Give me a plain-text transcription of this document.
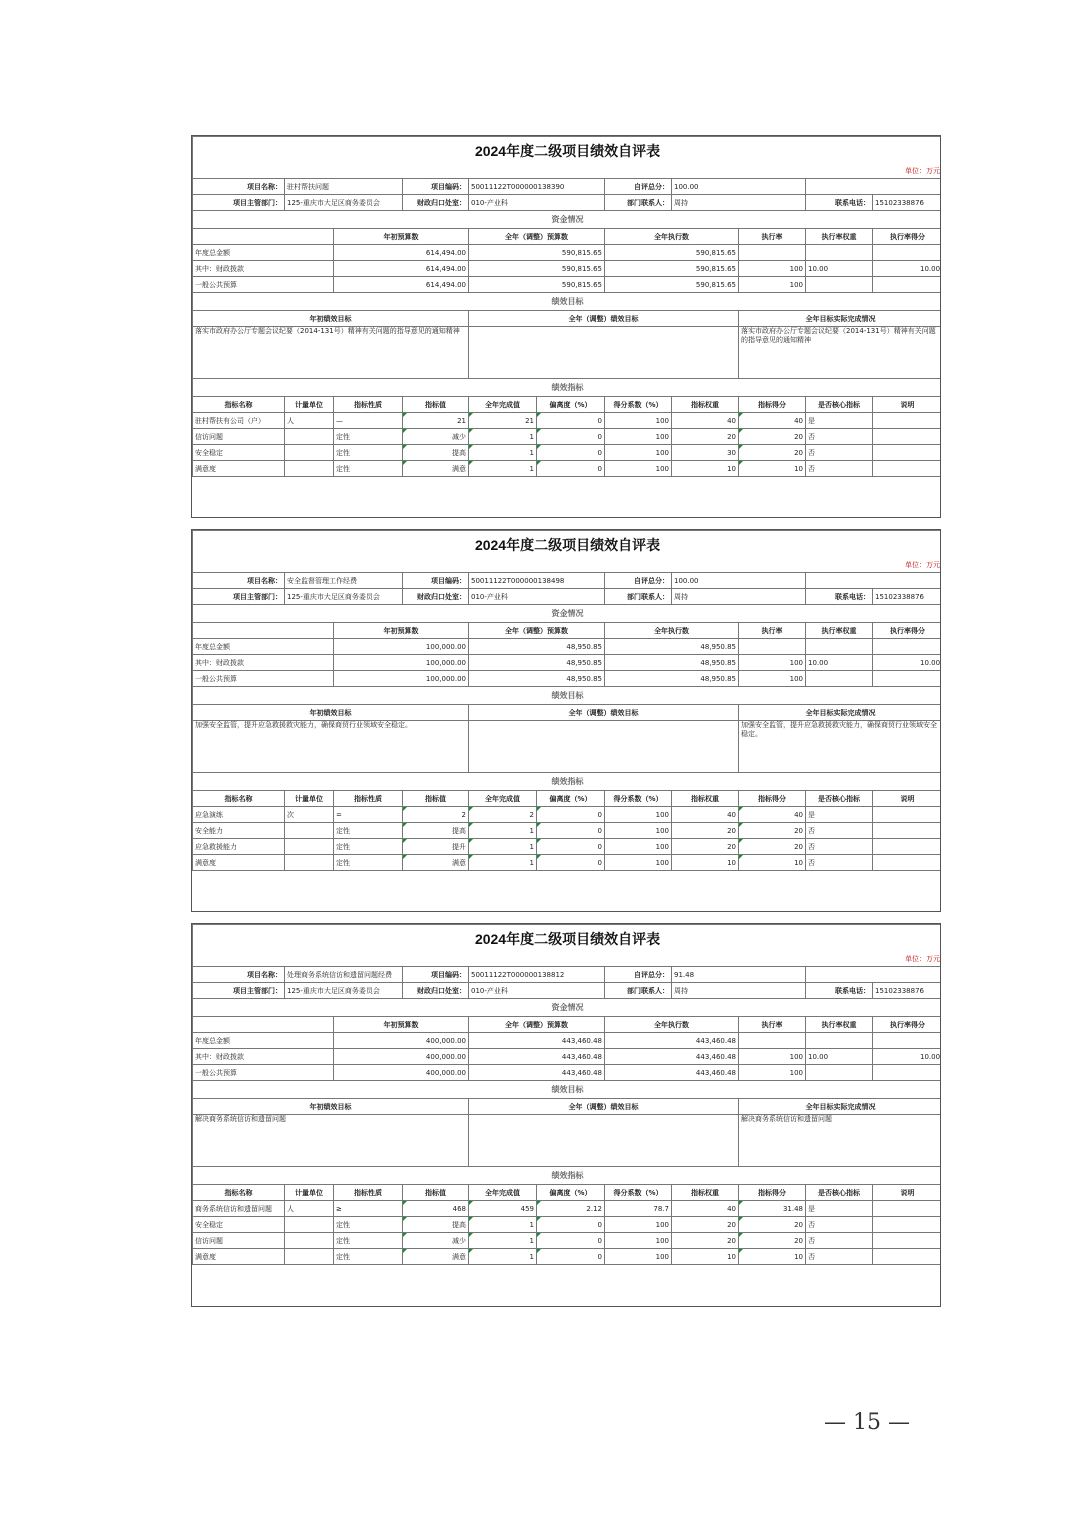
2024年度二级项目绩效自评表										
单位：万元										
项目名称：	驻村帮扶问题		项目编码：	50011122T000000138390		自评总分：	100.00			
项目主管部门：	125-重庆市大足区商务委员会		财政归口处室：	010-产业科		部门联系人：	周持		联系电话：	15102338876
资金情况										
		年初预算数		全年（调整）预算数		全年执行数		执行率	执行率权重	执行率得分
年度总金额		614,494.00		590,815.65		590,815.65				
其中：财政拨款		614,494.00		590,815.65		590,815.65		100	10.00	10.00
一般公共预算		614,494.00		590,815.65		590,815.65		100		
绩效目标										
年初绩效目标				全年（调整）绩效目标				全年目标实际完成情况		
落实市政府办公厅专题会议纪要（2014-131号）精神有关问题的指导意见的通知精神								落实市政府办公厅专题会议纪要（2014-131号）精神有关问题的指导意见的通知精神		
绩效指标										
指标名称	计量单位	指标性质	指标值	全年完成值	偏离度（%）	得分系数（%）	指标权重	指标得分	是否核心指标	说明
驻村帮扶有公司（户）	人	—	21	21	0	100	40	40	是	
信访问题		定性	减少	1	0	100	20	20	否	
安全稳定		定性	提高	1	0	100	30	20	否	
满意度		定性	满意	1	0	100	10	10	否	
2024年度二级项目绩效自评表										
单位：万元										
项目名称：	安全监督管理工作经费		项目编码：	50011122T000000138498		自评总分：	100.00			
项目主管部门：	125-重庆市大足区商务委员会		财政归口处室：	010-产业科		部门联系人：	周持		联系电话：	15102338876
资金情况										
		年初预算数		全年（调整）预算数		全年执行数		执行率	执行率权重	执行率得分
年度总金额		100,000.00		48,950.85		48,950.85				
其中：财政拨款		100,000.00		48,950.85		48,950.85		100	10.00	10.00
一般公共预算		100,000.00		48,950.85		48,950.85		100		
绩效目标										
年初绩效目标				全年（调整）绩效目标				全年目标实际完成情况		
加强安全监管，提升应急救援救灾能力，确保商贸行业领域安全稳定。								加强安全监管，提升应急救援救灾能力，确保商贸行业领域安全稳定。		
绩效指标										
指标名称	计量单位	指标性质	指标值	全年完成值	偏离度（%）	得分系数（%）	指标权重	指标得分	是否核心指标	说明
应急演练	次	=	2	2	0	100	40	40	是	
安全能力		定性	提高	1	0	100	20	20	否	
应急救援能力		定性	提升	1	0	100	20	20	否	
满意度		定性	满意	1	0	100	10	10	否	
2024年度二级项目绩效自评表										
单位：万元										
项目名称：	处理商务系统信访和遗留问题经费		项目编码：	50011122T000000138812		自评总分：	91.48			
项目主管部门：	125-重庆市大足区商务委员会		财政归口处室：	010-产业科		部门联系人：	周持		联系电话：	15102338876
资金情况										
		年初预算数		全年（调整）预算数		全年执行数		执行率	执行率权重	执行率得分
年度总金额		400,000.00		443,460.48		443,460.48				
其中：财政拨款		400,000.00		443,460.48		443,460.48		100	10.00	10.00
一般公共预算		400,000.00		443,460.48		443,460.48		100		
绩效目标										
年初绩效目标				全年（调整）绩效目标				全年目标实际完成情况		
解决商务系统信访和遗留问题								解决商务系统信访和遗留问题		
绩效指标										
指标名称	计量单位	指标性质	指标值	全年完成值	偏离度（%）	得分系数（%）	指标权重	指标得分	是否核心指标	说明
商务系统信访和遗留问题	人	≥	468	459	2.12	78.7	40	31.48	是	
安全稳定		定性	提高	1	0	100	20	20	否	
信访问题		定性	减少	1	0	100	20	20	否	
满意度		定性	满意	1	0	100	10	10	否	
— 15 —
